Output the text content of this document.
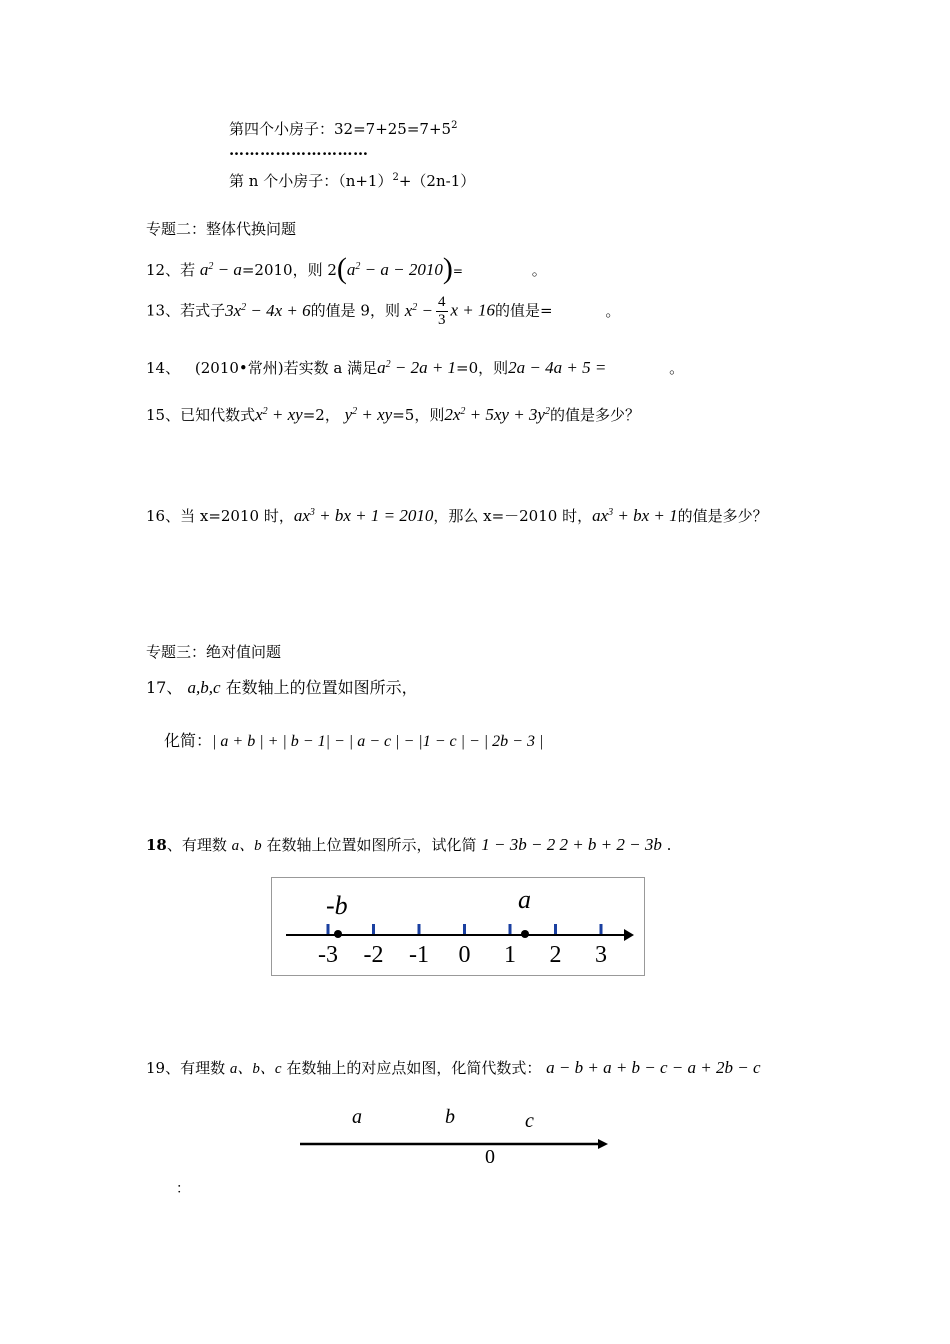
第四个小房子：$32=7+25=7+5^2$
………………………
第 n 个小房子：$(n+1)^2+(2n-1)$
专题二：整体代换问题
12、若 $a^2 - a=2010$，则 $2(a^2 - a - 2010)=$	。
13、若式子$3x^2 - 4x + 6$的值是 9，则 $x^2 - \frac{4}{3}$ x + 16的值是=	。
14、 (2010•常州)若实数 a 满足$a^2 - 2a + 1=0$，则2a − 4a + 5 =	。
15、已知代数式$x^2 + xy=2$， $y^2 + xy=5$，则$2x^2 + 5xy + 3y^2$的值是多少？
16、当 x=2010 时，$ax^3$ + bx + 1 = 2010，那么 x=－2010 时，$ax^3$ + bx + 1的值是多少？
专题三：绝对值问题
17、 a,b,c 在数轴上的位置如图所示，
化简：| a + b | + | b − 1| − | a − c | − |1 − c | − | 2b − 3 |
18、有理数 a、b 在数轴上位置如图所示，试化简 1 − 3b − 2 2 + b + 2 − 3b .
-3 -2 -1 0 1 2 3
-b	a
19、有理数 a、b、c 在数轴上的对应点如图，化简代数式： a − b + a + b − c − a + 2b − c
a	b	c
0
：
